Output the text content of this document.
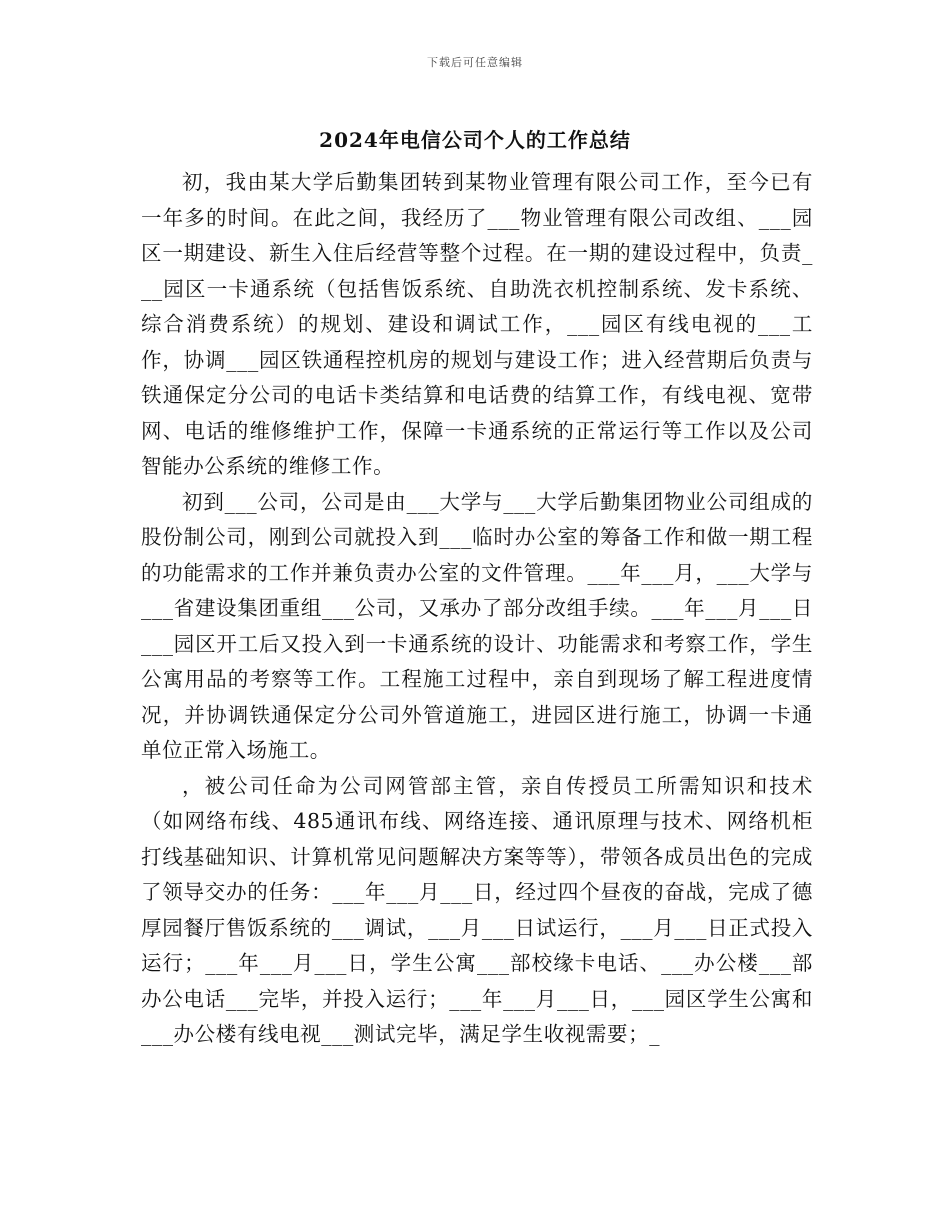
下载后可任意编辑
2024年电信公司个人的工作总结

初，我由某大学后勤集团转到某物业管理有限公司工作，至今已有一年多的时间。在此之间，我经历了___物业管理有限公司改组、___园区一期建设、新生入住后经营等整个过程。在一期的建设过程中，负责___园区一卡通系统（包括售饭系统、自助洗衣机控制系统、发卡系统、综合消费系统）的规划、建设和调试工作，___园区有线电视的___工作，协调___园区铁通程控机房的规划与建设工作；进入经营期后负责与铁通保定分公司的电话卡类结算和电话费的结算工作，有线电视、宽带网、电话的维修维护工作，保障一卡通系统的正常运行等工作以及公司智能办公系统的维修工作。

初到___公司，公司是由___大学与___大学后勤集团物业公司组成的股份制公司，刚到公司就投入到___临时办公室的筹备工作和做一期工程的功能需求的工作并兼负责办公室的文件管理。___年___月，___大学与___省建设集团重组___公司，又承办了部分改组手续。___年___月___日___园区开工后又投入到一卡通系统的设计、功能需求和考察工作，学生公寓用品的考察等工作。工程施工过程中，亲自到现场了解工程进度情况，并协调铁通保定分公司外管道施工，进园区进行施工，协调一卡通单位正常入场施工。

，被公司任命为公司网管部主管，亲自传授员工所需知识和技术（如网络布线、485通讯布线、网络连接、通讯原理与技术、网络机柜打线基础知识、计算机常见问题解决方案等等），带领各成员出色的完成了领导交办的任务：___年___月___日，经过四个昼夜的奋战，完成了德厚园餐厅售饭系统的___调试，___月___日试运行，___月___日正式投入运行；___年___月___日，学生公寓___部校缘卡电话、___办公楼___部办公电话___完毕，并投入运行；___年___月___日，___园区学生公寓和___办公楼有线电视___测试完毕，满足学生收视需要；_
